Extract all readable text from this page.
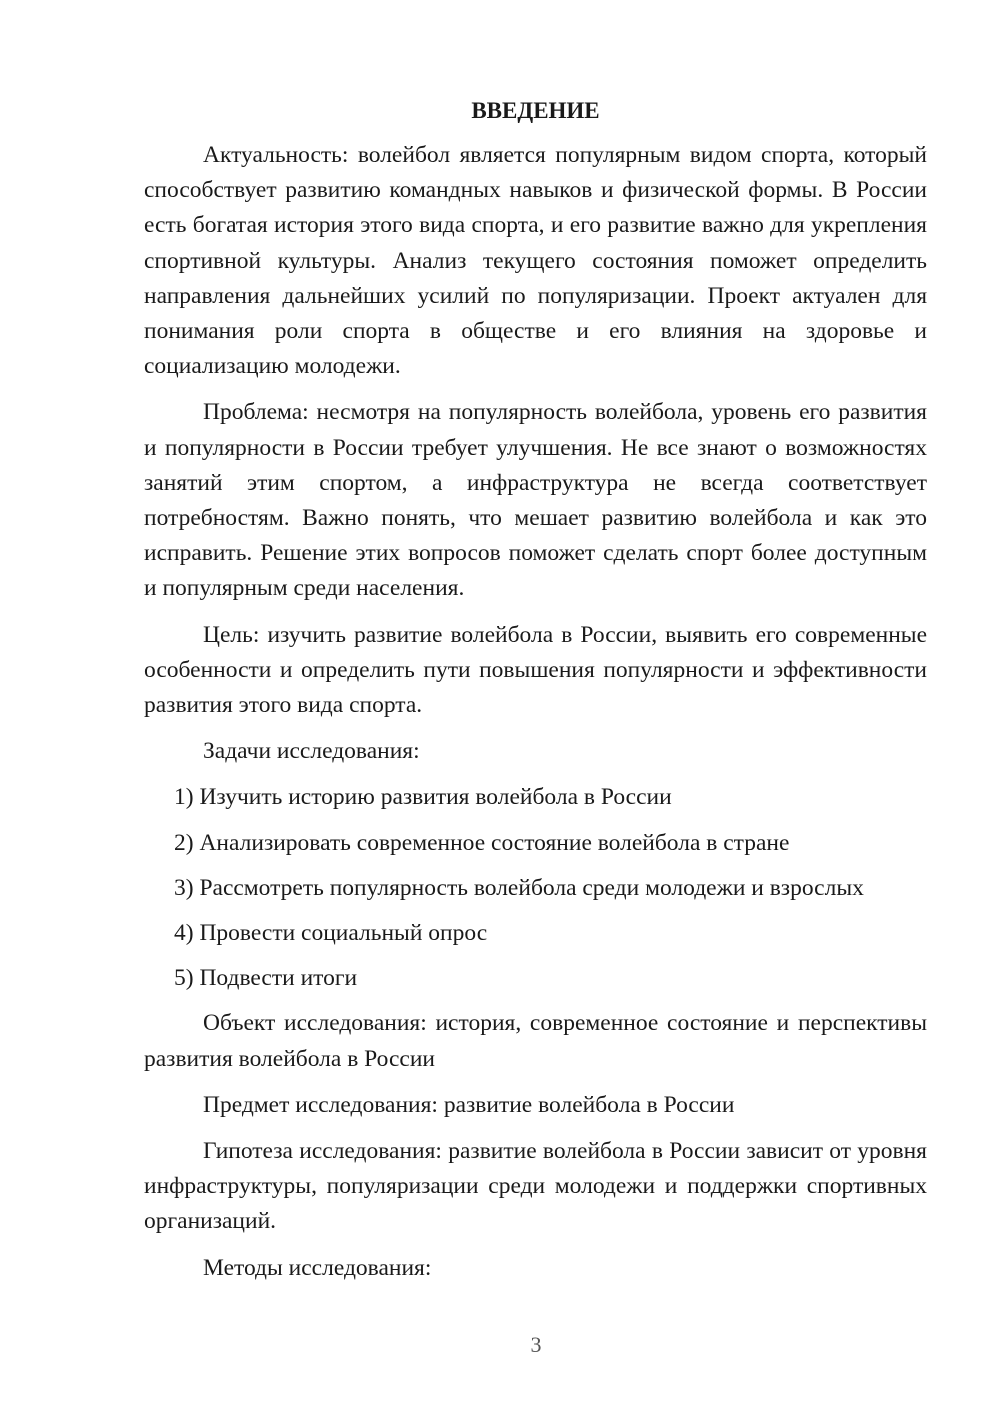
ВВЕДЕНИЕ

Актуальность: волейбол является популярным видом спорта, который способствует развитию командных навыков и физической формы. В России есть богатая история этого вида спорта, и его развитие важно для укрепления спортивной культуры. Анализ текущего состояния поможет определить направления дальнейших усилий по популяризации. Проект актуален для понимания роли спорта в обществе и его влияния на здоровье и социализацию молодежи.

Проблема: несмотря на популярность волейбола, уровень его развития и популярности в России требует улучшения. Не все знают о возможностях занятий этим спортом, а инфраструктура не всегда соответствует потребностям. Важно понять, что мешает развитию волейбола и как это исправить. Решение этих вопросов поможет сделать спорт более доступным и популярным среди населения.

Цель: изучить развитие волейбола в России, выявить его современные особенности и определить пути повышения популярности и эффективности развития этого вида спорта.

Задачи исследования:

1) Изучить историю развития волейбола в России
2) Анализировать современное состояние волейбола в стране
3) Рассмотреть популярность волейбола среди молодежи и взрослых
4) Провести социальный опрос
5) Подвести итоги

Объект исследования: история, современное состояние и перспективы развития волейбола в России

Предмет исследования: развитие волейбола в России

Гипотеза исследования: развитие волейбола в России зависит от уровня инфраструктуры, популяризации среди молодежи и поддержки спортивных организаций.

Методы исследования:

3
